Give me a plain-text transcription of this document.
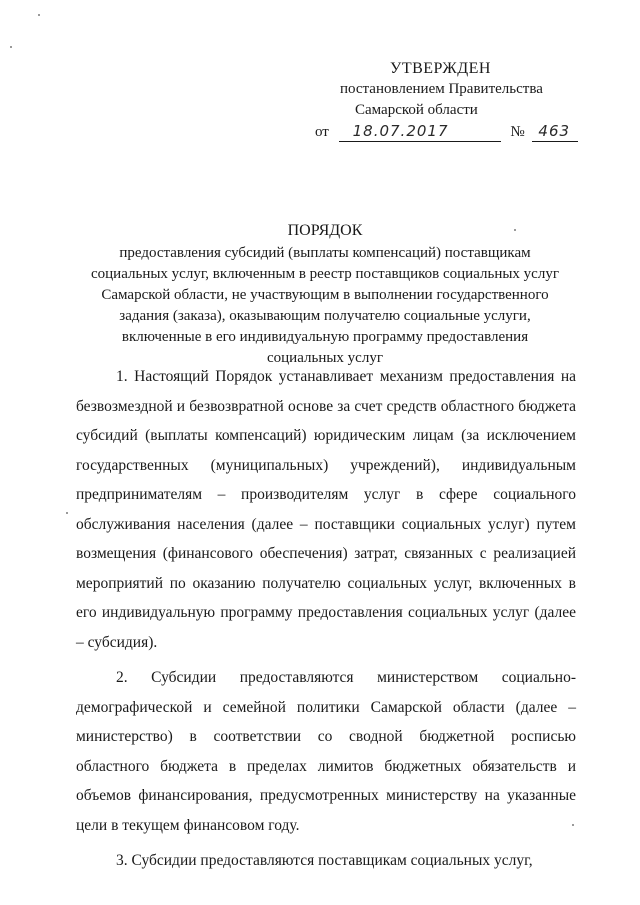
УТВЕРЖДЕН
постановлением Правительства
Самарской области
от 18.07.2017	№ 463
ПОРЯДОК
предоставления субсидий (выплаты компенсаций) поставщикам
социальных услуг, включенным в реестр поставщиков социальных услуг
Самарской области, не участвующим в выполнении государственного
задания (заказа), оказывающим получателю социальные услуги,
включенные в его индивидуальную программу предоставления
социальных услуг

1. Настоящий Порядок устанавливает механизм предоставления на безвозмездной и безвозвратной основе за счет средств областного бюджета субсидий (выплаты компенсаций) юридическим лицам (за исключением государственных (муниципальных) учреждений), индивидуальным предпринимателям – производителям услуг в сфере социального обслуживания населения (далее – поставщики социальных услуг) путем возмещения (финансового обеспечения) затрат, связанных с реализацией мероприятий по оказанию получателю социальных услуг, включенных в его индивидуальную программу предоставления социальных услуг (далее – субсидия).

2. Субсидии предоставляются министерством социально-демографической и семейной политики Самарской области (далее – министерство) в соответствии со сводной бюджетной росписью областного бюджета в пределах лимитов бюджетных обязательств и объемов финансирования, предусмотренных министерству на указанные цели в текущем финансовом году.

3. Субсидии предоставляются поставщикам социальных услуг,
